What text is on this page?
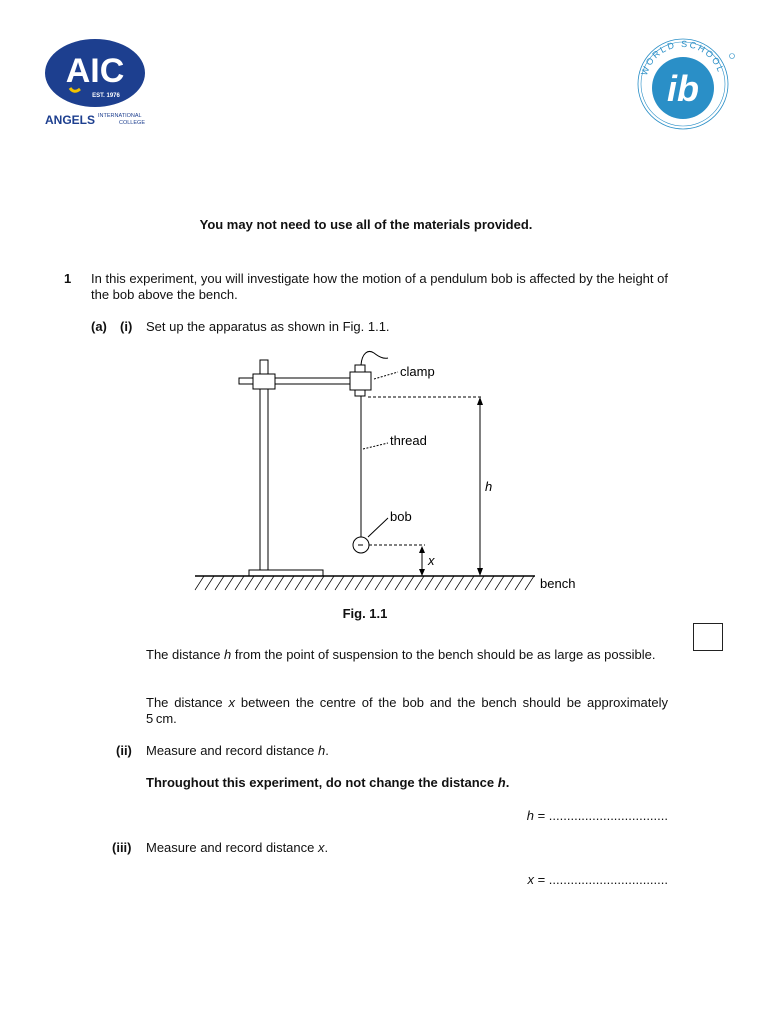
AIC
EST. 1976
ANGELS INTERNATIONAL
COLLEGE
WORLD SCHOOL
ib
You may not need to use all of the materials provided.
1 In this experiment, you will investigate how the motion of a pendulum bob is affected by the height of the bob above the bench.
(a) (i) Set up the apparatus as shown in Fig. 1.1.
clamp
thread
h
bob
x
bench
Fig. 1.1
The distance h from the point of suspension to the bench should be as large as possible.
The distance x between the centre of the bob and the bench should be approximately 5 cm.
(ii) Measure and record distance h.
Throughout this experiment, do not change the distance h.
h = .................................
(iii) Measure and record distance x.
x = .................................
